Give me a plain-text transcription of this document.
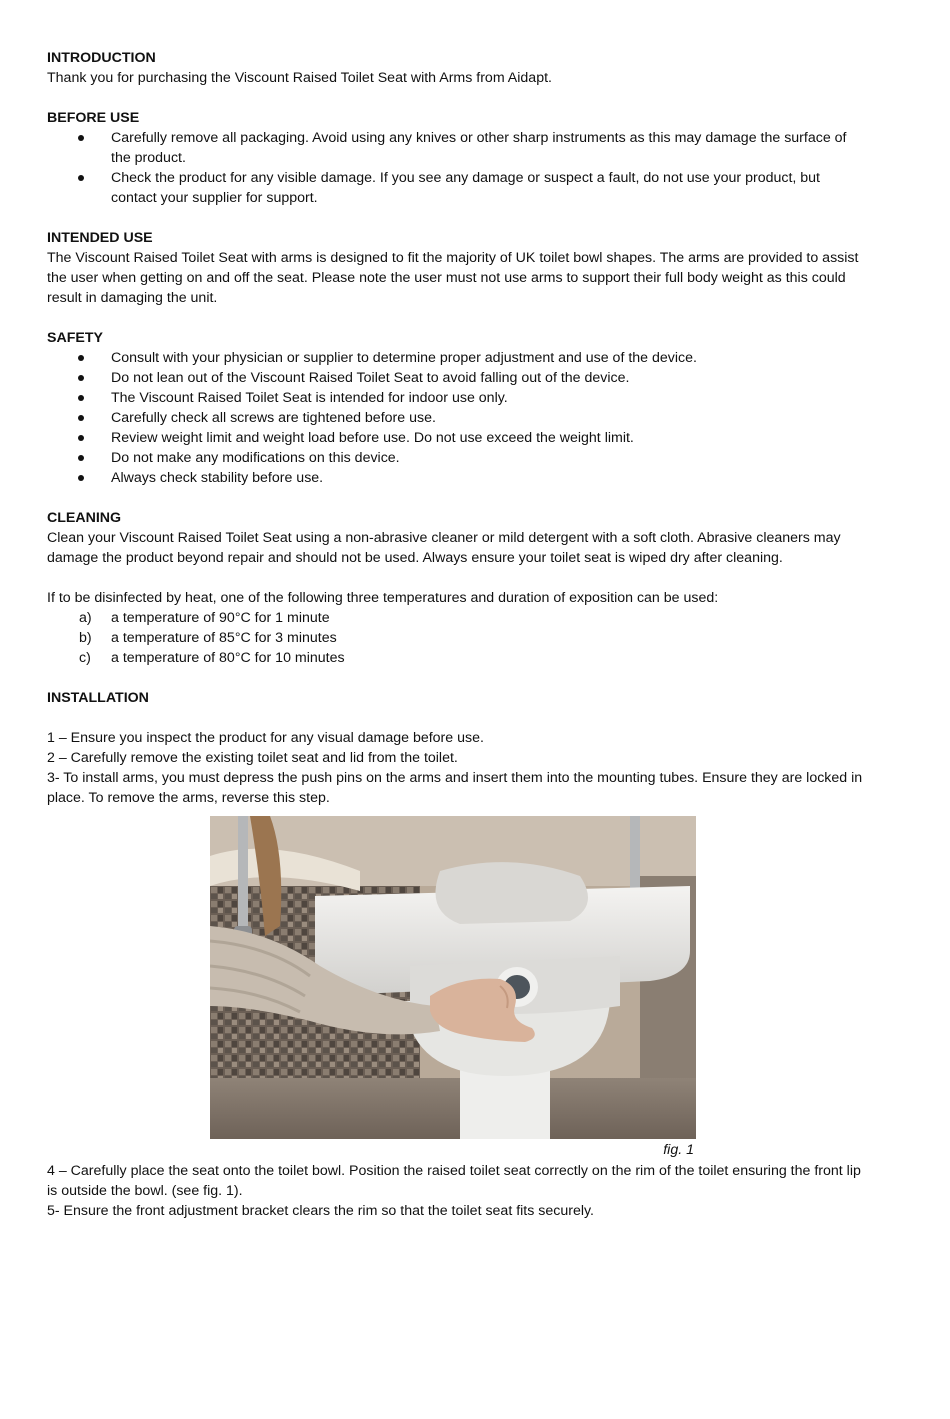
INTRODUCTION

Thank you for purchasing the Viscount Raised Toilet Seat with Arms from Aidapt.

BEFORE USE

Carefully remove all packaging. Avoid using any knives or other sharp instruments as this may damage the surface of the product.
Check the product for any visible damage. If you see any damage or suspect a fault, do not use your product, but contact your supplier for support.

INTENDED USE

The Viscount Raised Toilet Seat with arms is designed to fit the majority of UK toilet bowl shapes. The arms are provided to assist the user when getting on and off the seat. Please note the user must not use arms to support their full body weight as this could result in damaging the unit.

SAFETY

Consult with your physician or supplier to determine proper adjustment and use of the device.
Do not lean out of the Viscount Raised Toilet Seat to avoid falling out of the device.
The Viscount Raised Toilet Seat is intended for indoor use only.
Carefully check all screws are tightened before use.
Review weight limit and weight load before use. Do not use exceed the weight limit.
Do not make any modifications on this device.
Always check stability before use.

CLEANING

Clean your Viscount Raised Toilet Seat using a non-abrasive cleaner or mild detergent with a soft cloth. Abrasive cleaners may damage the product beyond repair and should not be used. Always ensure your toilet seat is wiped dry after cleaning.

If to be disinfected by heat, one of the following three temperatures and duration of exposition can be used:

a) a temperature of 90°C for 1 minute
b) a temperature of 85°C for 3 minutes
c) a temperature of 80°C for 10 minutes

INSTALLATION

1 – Ensure you inspect the product for any visual damage before use.

2 – Carefully remove the existing toilet seat and lid from the toilet.

3- To install arms, you must depress the push pins on the arms and insert them into the mounting tubes. Ensure they are locked in place. To remove the arms, reverse this step.

fig. 1

4 – Carefully place the seat onto the toilet bowl. Position the raised toilet seat correctly on the rim of the toilet ensuring the front lip is outside the bowl. (see fig. 1).

5- Ensure the front adjustment bracket clears the rim so that the toilet seat fits securely.
